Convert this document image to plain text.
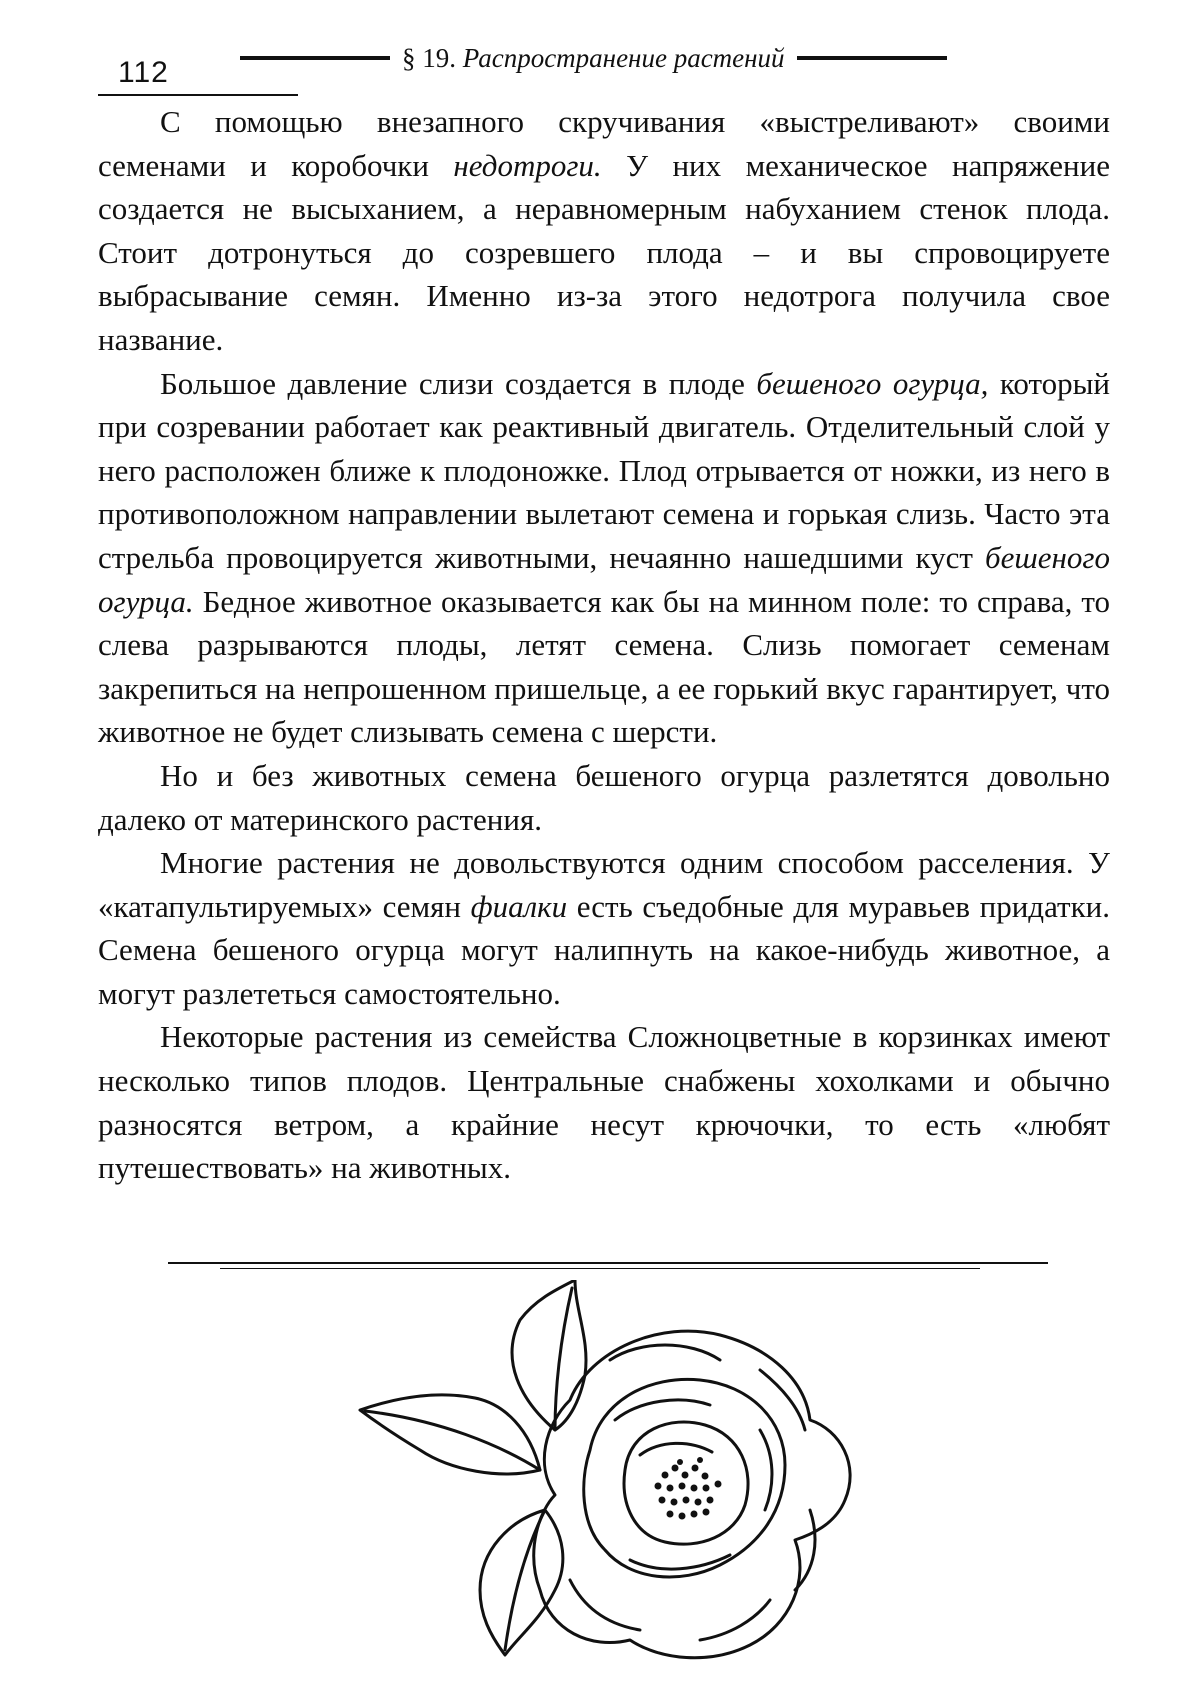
112	§ 19. Распространение растений

С помощью внезапного скручивания «выстреливают» своими семенами и коробочки недотроги. У них механическое напряжение создается не высыханием, а неравномерным набуханием стенок плода. Стоит дотронуться до созревшего плода – и вы спровоцируете выбрасывание семян. Именно из-за этого недотрога получила свое название.

Большое давление слизи создается в плоде бешеного огурца, который при созревании работает как реактивный двигатель. Отделительный слой у него расположен ближе к плодоножке. Плод отрывается от ножки, из него в противоположном направлении вылетают семена и горькая слизь. Часто эта стрельба провоцируется животными, нечаянно нашедшими куст бешеного огурца. Бедное животное оказывается как бы на минном поле: то справа, то слева разрываются плоды, летят семена. Слизь помогает семенам закрепиться на непрошенном пришельце, а ее горький вкус гарантирует, что животное не будет слизывать семена с шерсти.

Но и без животных семена бешеного огурца разлетятся довольно далеко от материнского растения.

Многие растения не довольствуются одним способом расселения. У «катапультируемых» семян фиалки есть съедобные для муравьев придатки. Семена бешеного огурца могут налипнуть на какое-нибудь животное, а могут разлететься самостоятельно.

Некоторые растения из семейства Сложноцветные в корзинках имеют несколько типов плодов. Центральные снабжены хохолками и обычно разносятся ветром, а крайние несут крючочки, то есть «любят путешествовать» на животных.
